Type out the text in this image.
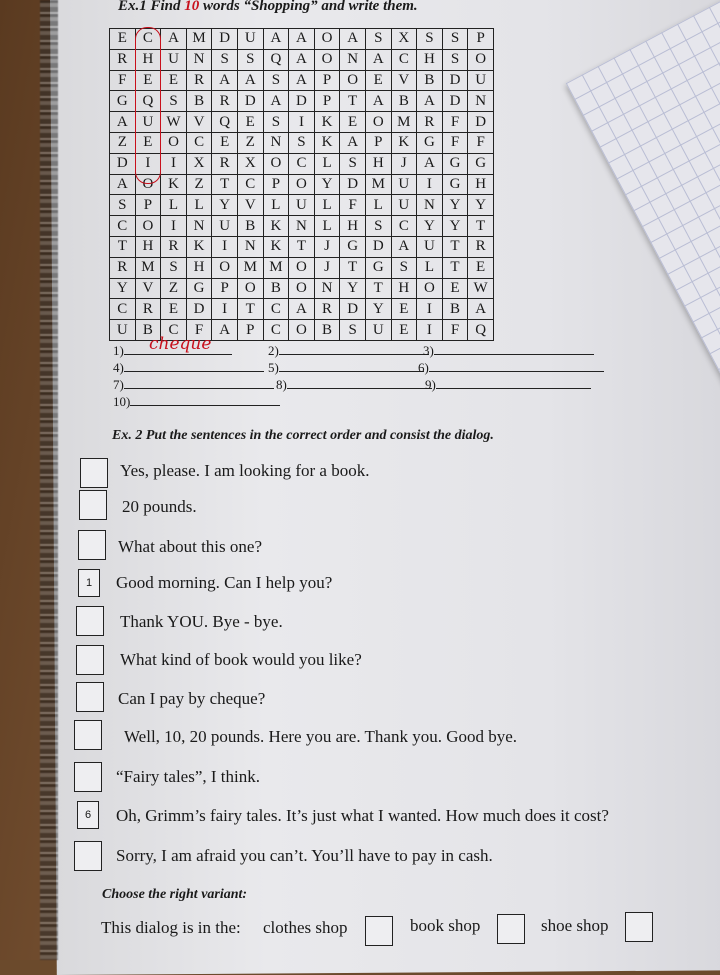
Ex.1 Find 10 words “Shopping” and write them.
E	C	A	M	D	U	A	A	O	A	S	X	S	S	P
R	H	U	N	S	S	Q	A	O	N	A	C	H	S	O
F	E	E	R	A	A	S	A	P	O	E	V	B	D	U
G	Q	S	B	R	D	A	D	P	T	A	B	A	D	N
A	U	W	V	Q	E	S	I	K	E	O	M	R	F	D
Z	E	O	C	E	Z	N	S	K	A	P	K	G	F	F
D	I	I	X	R	X	O	C	L	S	H	J	A	G	G
A	O	K	Z	T	C	P	O	Y	D	M	U	I	G	H
S	P	L	L	Y	V	L	U	L	F	L	U	N	Y	Y
C	O	I	N	U	B	K	N	L	H	S	C	Y	Y	T
T	H	R	K	I	N	K	T	J	G	D	A	U	T	R
R	M	S	H	O	M	M	O	J	T	G	S	L	T	E
Y	V	Z	G	P	O	B	O	N	Y	T	H	O	E	W
C	R	E	D	I	T	C	A	R	D	Y	E	I	B	A
U	B	C	F	A	P	C	O	B	S	U	E	I	F	Q
1) cheque	2)	3)
4)	5)	6)
7)	8)	9)
10)
Ex. 2 Put the sentences in the correct order and consist the dialog.
Yes, please. I am looking for a book.
20 pounds.
What about this one?
1	Good morning. Can I help you?
Thank YOU. Bye - bye.
What kind of book would you like?
Can I pay by cheque?
Well, 10, 20 pounds. Here you are. Thank you. Good bye.
“Fairy tales”, I think.
6	Oh, Grimm’s fairy tales. It’s just what I wanted. How much does it cost?
Sorry, I am afraid you can’t. You’ll have to pay in cash.
Choose the right variant:
This dialog is in the: clothes shop	book shop	shoe shop
